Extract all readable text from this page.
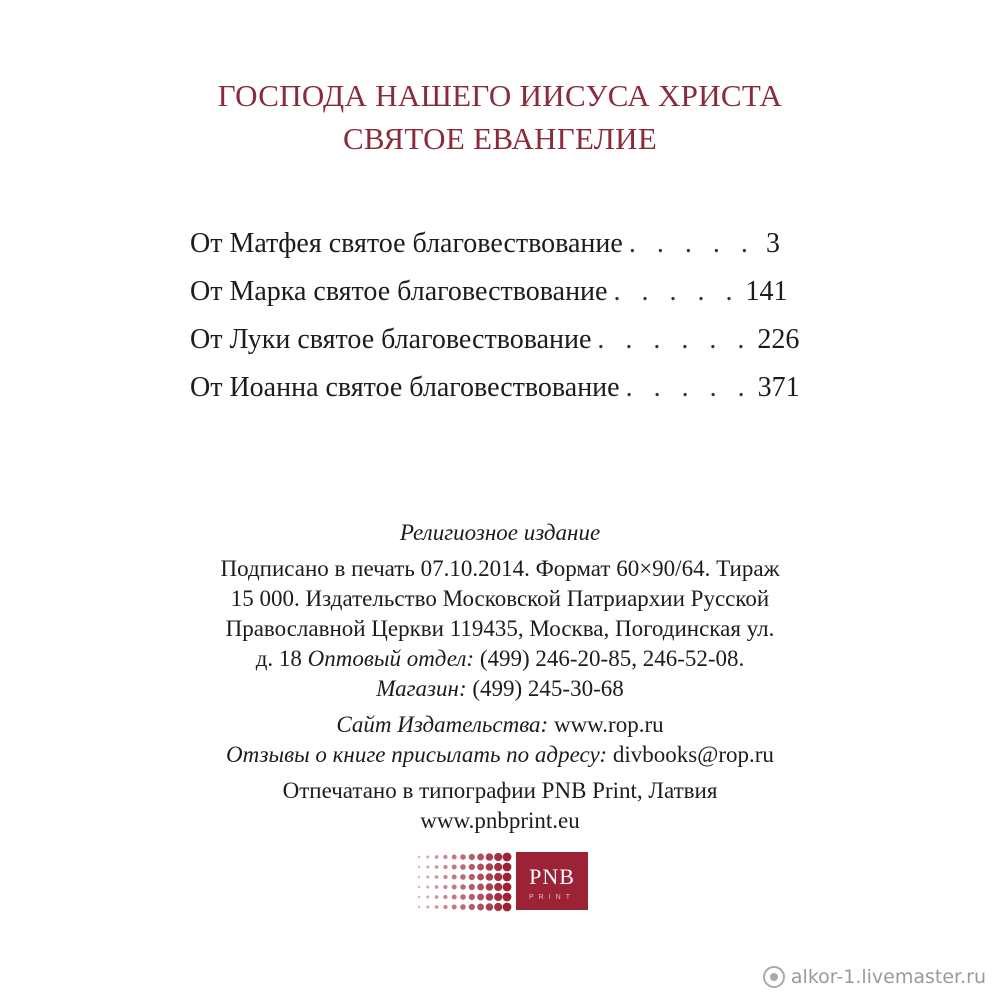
ГОСПОДА НАШЕГО ИИСУСА ХРИСТА
СВЯТОЕ ЕВАНГЕЛИЕ
От Матфея святое благовествование . . . . . 3
От Марка святое благовествование . . . . . 141
От Луки святое благовествование . . . . . . 226
От Иоанна святое благовествование . . . . . 371
Религиозное издание
Подписано в печать 07.10.2014. Формат 60×90/64. Тираж
15 000. Издательство Московской Патриархии Русской
Православной Церкви 119435, Москва, Погодинская ул.
д. 18 Оптовый отдел: (499) 246-20-85, 246-52-08.
Магазин: (499) 245-30-68
Сайт Издательства: www.rop.ru
Отзывы о книге присылать по адресу: divbooks@rop.ru
Отпечатано в типографии PNB Print, Латвия
www.pnbprint.eu
PNB
PRINT
alkor-1.livemaster.ru
